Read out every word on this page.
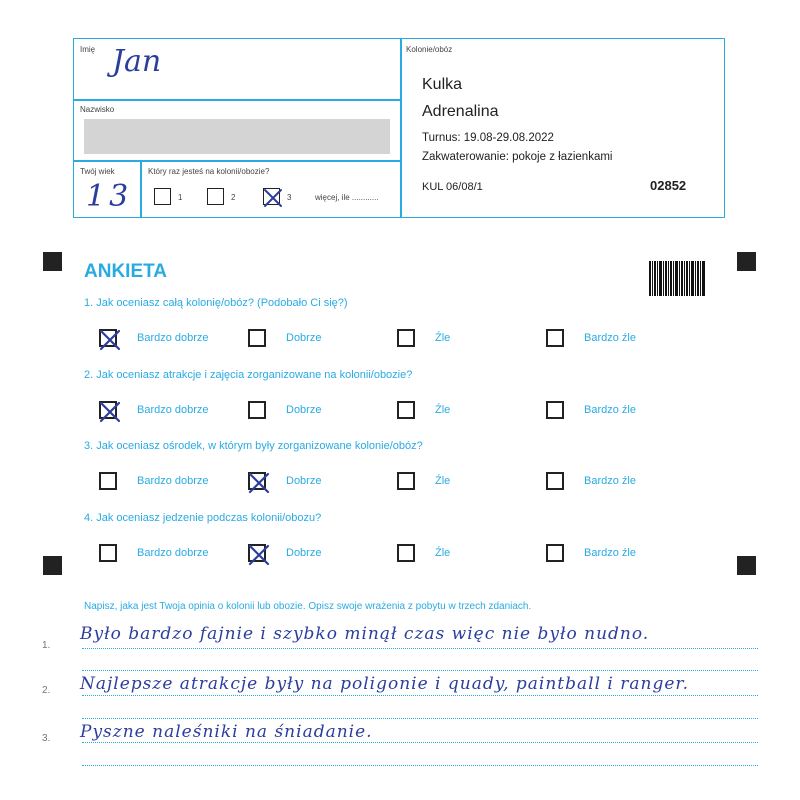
Imię Jan
Nazwisko
Twój wiek
13
Który raz jesteś na kolonii/obozie?
1	2	3	więcej, ile ............
Kolonie/obóz
Kulka
Adrenalina
Turnus: 19.08-29.08.2022
Zakwaterowanie: pokoje z łazienkami
KUL 06/08/1	02852
ANKIETA
1. Jak oceniasz całą kolonię/obóz? (Podobało Ci się?)
2. Jak oceniasz atrakcje i zajęcia zorganizowane na kolonii/obozie?
3. Jak oceniasz ośrodek, w którym były zorganizowane kolonie/obóz?
4. Jak oceniasz jedzenie podczas kolonii/obozu?
Bardzo dobrze	Dobrze	Źle	Bardzo źle
Bardzo dobrze	Dobrze	Źle	Bardzo źle
Bardzo dobrze	Dobrze	Źle	Bardzo źle
Bardzo dobrze	Dobrze	Źle	Bardzo źle
Napisz, jaka jest Twoja opinia o kolonii lub obozie. Opisz swoje wrażenia z pobytu w trzech zdaniach.
1.
2.
3.
Było bardzo fajnie i szybko minął czas więc nie było nudno.
Najlepsze atrakcje były na poligonie i quady, paintball i ranger.
Pyszne naleśniki na śniadanie.
